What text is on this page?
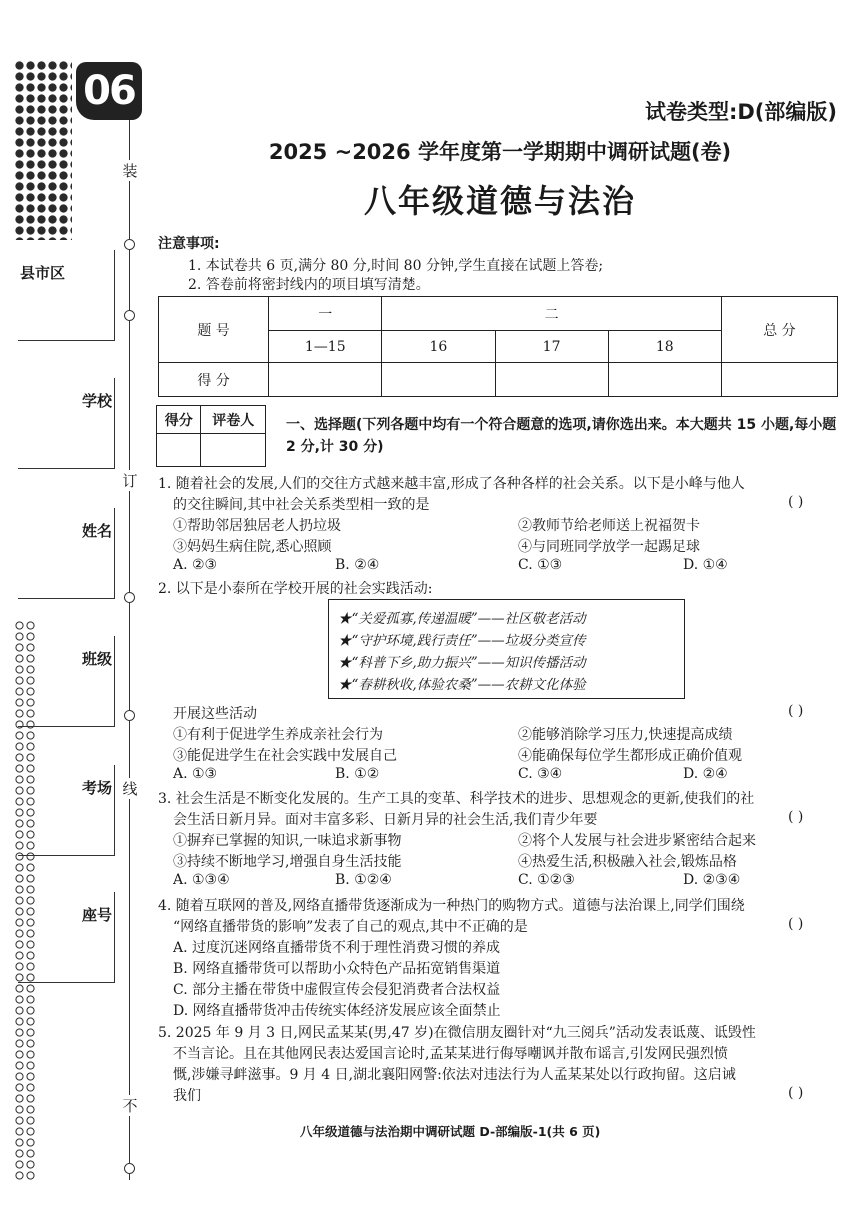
06
装
订
线
不
县市区
学校
姓名
班级
考场
座号
试卷类型:D(部编版)
2025 ~2026 学年度第一学期期中调研试题(卷)
八年级道德与法治
注意事项:
1. 本试卷共 6 页,满分 80 分,时间 80 分钟,学生直接在试题上答卷;
2. 答卷前将密封线内的项目填写清楚。
题 号	一	二			总 分
	1—15	16	17	18	
得 分					
得分	评卷人
	一、选择题(下列各题中均有一个符合题意的选项,请你选出来。本大题共 15 小题,每小题 2 分,计 30 分)
1. 随着社会的发展,人们的交往方式越来越丰富,形成了各种各样的社会关系。以下是小峰与他人
的交往瞬间,其中社会关系类型相一致的是	( )
①帮助邻居独居老人扔垃圾	②教师节给老师送上祝福贺卡
③妈妈生病住院,悉心照顾	④与同班同学放学一起踢足球
A. ②③	B. ②④	C. ①③	D. ①④
2. 以下是小泰所在学校开展的社会实践活动:
★“关爱孤寡,传递温暖”——社区敬老活动
★“守护环境,践行责任”——垃圾分类宣传
★“科普下乡,助力振兴”——知识传播活动
★“春耕秋收,体验农桑”——农耕文化体验
开展这些活动	( )
①有利于促进学生养成亲社会行为	②能够消除学习压力,快速提高成绩
③能促进学生在社会实践中发展自己	④能确保每位学生都形成正确价值观
A. ①③	B. ①②	C. ③④	D. ②④
3. 社会生活是不断变化发展的。生产工具的变革、科学技术的进步、思想观念的更新,使我们的社
会生活日新月异。面对丰富多彩、日新月异的社会生活,我们青少年要	( )
①摒弃已掌握的知识,一味追求新事物	②将个人发展与社会进步紧密结合起来
③持续不断地学习,增强自身生活技能	④热爱生活,积极融入社会,锻炼品格
A. ①③④	B. ①②④	C. ①②③	D. ②③④
4. 随着互联网的普及,网络直播带货逐渐成为一种热门的购物方式。道德与法治课上,同学们围绕
“网络直播带货的影响”发表了自己的观点,其中不正确的是	( )
A. 过度沉迷网络直播带货不利于理性消费习惯的养成
B. 网络直播带货可以帮助小众特色产品拓宽销售渠道
C. 部分主播在带货中虚假宣传会侵犯消费者合法权益
D. 网络直播带货冲击传统实体经济发展应该全面禁止
5. 2025 年 9 月 3 日,网民孟某某(男,47 岁)在微信朋友圈针对“九三阅兵”活动发表诋蔑、诋毁性
不当言论。且在其他网民表达爱国言论时,孟某某进行侮辱嘲讽并散布谣言,引发网民强烈愤
慨,涉嫌寻衅滋事。9 月 4 日,湖北襄阳网警:依法对违法行为人孟某某处以行政拘留。这启诫
我们	( )
八年级道德与法治期中调研试题 D-部编版-1(共 6 页)
